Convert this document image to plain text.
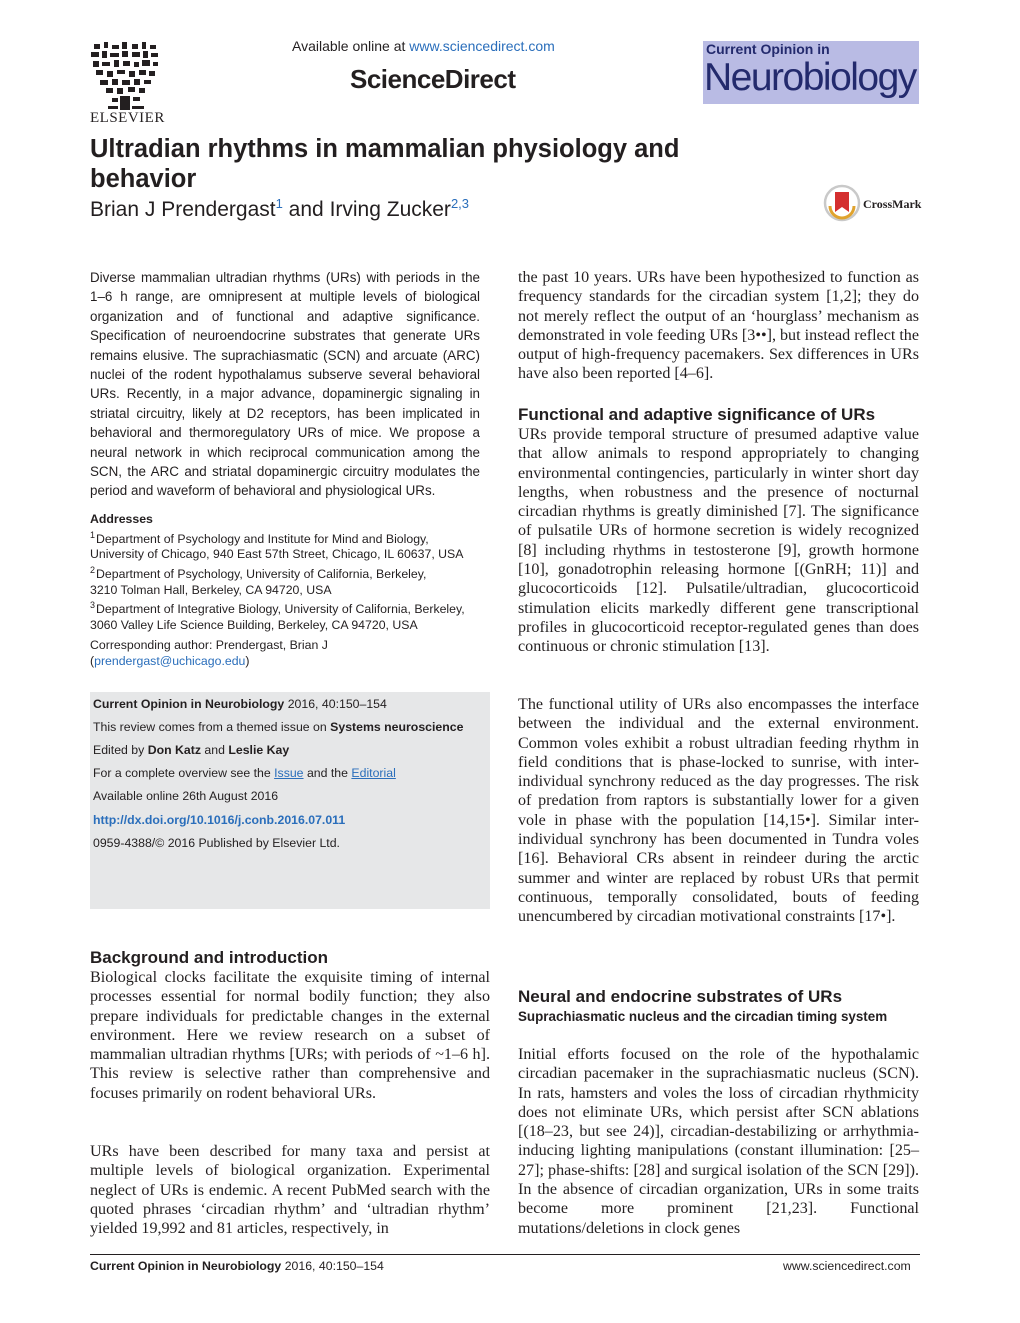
ELSEVIER
Available online at www.sciencedirect.com
ScienceDirect
Current Opinion in
Neurobiology
Ultradian rhythms in mammalian physiology and behavior
Brian J Prendergast$^1$ and Irving Zucker$^{2,3}$	CrossMark
Diverse mammalian ultradian rhythms (URs) with periods in the 1–6 h range, are omnipresent at multiple levels of biological organization and of functional and adaptive significance. Specification of neuroendocrine substrates that generate URs remains elusive. The suprachiasmatic (SCN) and arcuate (ARC) nuclei of the rodent hypothalamus subserve several behavioral URs. Recently, in a major advance, dopaminergic signaling in striatal circuitry, likely at D2 receptors, has been implicated in behavioral and thermoregulatory URs of mice. We propose a neural network in which reciprocal communication among the SCN, the ARC and striatal dopaminergic circuitry modulates the period and waveform of behavioral and physiological URs.
Addresses
$^1$ Department of Psychology and Institute for Mind and Biology,
University of Chicago, 940 East 57th Street, Chicago, IL 60637, USA
$^2$ Department of Psychology, University of California, Berkeley,
3210 Tolman Hall, Berkeley, CA 94720, USA
$^3$ Department of Integrative Biology, University of California, Berkeley,
3060 Valley Life Science Building, Berkeley, CA 94720, USA
Corresponding author: Prendergast, Brian J
(prendergast@uchicago.edu)
Current Opinion in Neurobiology 2016, 40:150–154
This review comes from a themed issue on Systems neuroscience
Edited by Don Katz and Leslie Kay
For a complete overview see the Issue and the Editorial
Available online 26th August 2016
http://dx.doi.org/10.1016/j.conb.2016.07.011
0959-4388/© 2016 Published by Elsevier Ltd.
Background and introduction
Biological clocks facilitate the exquisite timing of internal processes essential for normal bodily function; they also prepare individuals for predictable changes in the external environment. Here we review research on a subset of mammalian ultradian rhythms [URs; with periods of ~1–6 h]. This review is selective rather than comprehensive and focuses primarily on rodent behavioral URs.
URs have been described for many taxa and persist at multiple levels of biological organization. Experimental neglect of URs is endemic. A recent PubMed search with the quoted phrases ‘circadian rhythm’ and ‘ultradian rhythm’ yielded 19,992 and 81 articles, respectively, in
the past 10 years. URs have been hypothesized to function as frequency standards for the circadian system [1,2]; they do not merely reflect the output of an ‘hourglass’ mechanism as demonstrated in vole feeding URs [3••], but instead reflect the output of high-frequency pacemakers. Sex differences in URs have also been reported [4–6].
Functional and adaptive significance of URs
URs provide temporal structure of presumed adaptive value that allow animals to respond appropriately to changing environmental contingencies, particularly in winter short day lengths, when robustness and the presence of nocturnal circadian rhythms is greatly diminished [7]. The significance of pulsatile URs of hormone secretion is widely recognized [8] including rhythms in testosterone [9], growth hormone [10], gonadotrophin releasing hormone [(GnRH; 11)] and glucocorticoids [12]. Pulsatile/ultradian, glucocorticoid stimulation elicits markedly different gene transcriptional profiles in glucocorticoid receptor-regulated genes than does continuous or chronic stimulation [13].
The functional utility of URs also encompasses the interface between the individual and the external environment. Common voles exhibit a robust ultradian feeding rhythm in field conditions that is phase-locked to sunrise, with inter-individual synchrony reduced as the day progresses. The risk of predation from raptors is substantially lower for a given vole in phase with the population [14,15•]. Similar inter-individual synchrony has been documented in Tundra voles [16]. Behavioral CRs absent in reindeer during the arctic summer and winter are replaced by robust URs that permit continuous, temporally consolidated, bouts of feeding unencumbered by circadian motivational constraints [17•].
Neural and endocrine substrates of URs
Suprachiasmatic nucleus and the circadian timing system
Initial efforts focused on the role of the hypothalamic circadian pacemaker in the suprachiasmatic nucleus (SCN). In rats, hamsters and voles the loss of circadian rhythmicity does not eliminate URs, which persist after SCN ablations [(18–23, but see 24)], circadian-destabilizing or arrhythmia-inducing lighting manipulations (constant illumination: [25–27]; phase-shifts: [28] and surgical isolation of the SCN [29]). In the absence of circadian organization, URs in some traits become more prominent [21,23]. Functional mutations/deletions in clock genes
Current Opinion in Neurobiology 2016, 40:150–154	www.sciencedirect.com
